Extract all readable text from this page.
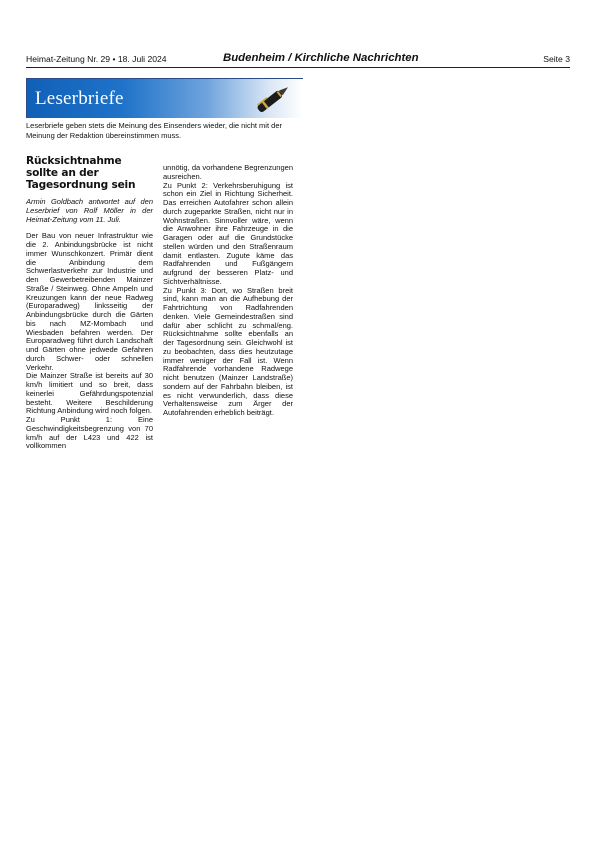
Heimat-Zeitung Nr. 29 • 18. Juli 2024	Budenheim / Kirchliche Nachrichten	Seite 3
Leserbriefe
Leserbriefe geben stets die Meinung des Einsenders wieder, die nicht mit der Meinung der Redaktion übereinstimmen muss.
Rücksichtnahme
sollte an der
Tagesordnung sein

Armin Goldbach antwortet auf den Leserbrief von Rolf Möller in der Heimat-Zeitung vom 11. Juli.

Der Bau von neuer Infrastruktur wie die 2. Anbindungsbrücke ist nicht immer Wunschkonzert. Primär dient die Anbindung dem Schwerlastverkehr zur Industrie und den Gewerbetreibenden Mainzer Straße / Steinweg. Ohne Ampeln und Kreuzungen kann der neue Radweg (Europaradweg) linksseitig der Anbindungsbrücke durch die Gärten bis nach MZ-Mombach und Wiesbaden befahren werden. Der Europaradweg führt durch Landschaft und Gärten ohne jedwede Gefahren durch Schwer- oder schnellen Verkehr.

Die Mainzer Straße ist bereits auf 30 km/h limitiert und so breit, dass keinerlei Gefährdungspotenzial besteht. Weitere Beschilderung Richtung Anbindung wird noch folgen.

Zu Punkt 1: Eine Geschwindigkeitsbegrenzung von 70 km/h auf der L423 und 422 ist vollkommen

unnötig, da vorhandene Begrenzungen ausreichen.

Zu Punkt 2: Verkehrsberuhigung ist schon ein Ziel in Richtung Sicherheit. Das erreichen Autofahrer schon allein durch zugeparkte Straßen, nicht nur in Wohnstraßen. Sinnvoller wäre, wenn die Anwohner ihre Fahrzeuge in die Garagen oder auf die Grundstücke stellen würden und den Straßenraum damit entlasten. Zugute käme das Radfahrenden und Fußgängern aufgrund der besseren Platz- und Sichtverhältnisse.

Zu Punkt 3: Dort, wo Straßen breit sind, kann man an die Aufhebung der Fahrtrichtung von Radfahrenden denken. Viele Gemeindestraßen sind dafür aber schlicht zu schmal/eng. Rücksichtnahme sollte ebenfalls an der Tagesordnung sein. Gleichwohl ist zu beobachten, dass dies heutzutage immer weniger der Fall ist. Wenn Radfahrende vorhandene Radwege nicht benutzen (Mainzer Landstraße) sondern auf der Fahrbahn bleiben, ist es nicht verwunderlich, dass diese Verhaltensweise zum Ärger der Autofahrenden erheblich beiträgt.
